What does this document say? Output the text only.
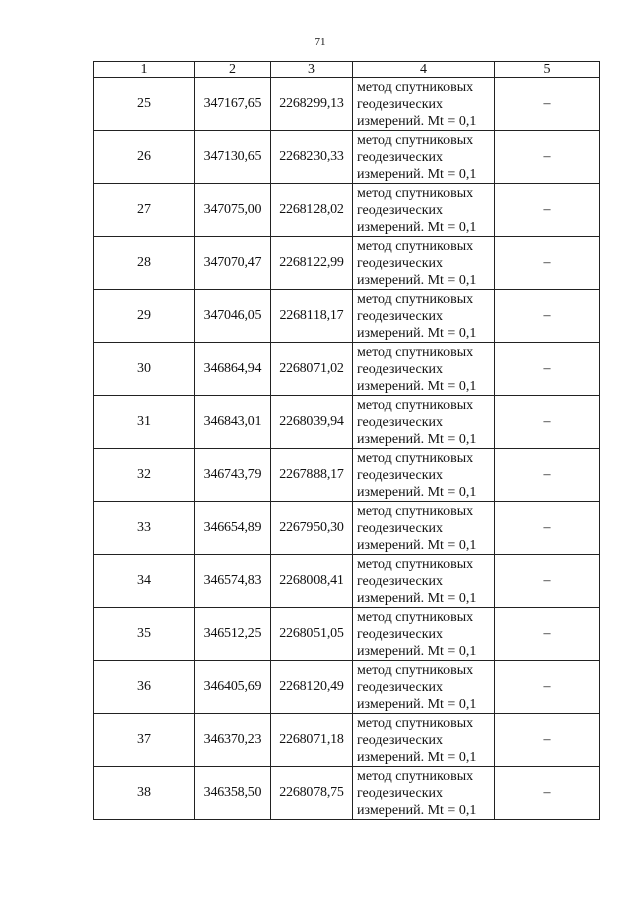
71
1	2	3	4	5
25	347167,65	2268299,13	метод спутниковых
геодезических
измерений. Mt = 0,1	–
26	347130,65	2268230,33	метод спутниковых
геодезических
измерений. Mt = 0,1	–
27	347075,00	2268128,02	метод спутниковых
геодезических
измерений. Mt = 0,1	–
28	347070,47	2268122,99	метод спутниковых
геодезических
измерений. Mt = 0,1	–
29	347046,05	2268118,17	метод спутниковых
геодезических
измерений. Mt = 0,1	–
30	346864,94	2268071,02	метод спутниковых
геодезических
измерений. Mt = 0,1	–
31	346843,01	2268039,94	метод спутниковых
геодезических
измерений. Mt = 0,1	–
32	346743,79	2267888,17	метод спутниковых
геодезических
измерений. Mt = 0,1	–
33	346654,89	2267950,30	метод спутниковых
геодезических
измерений. Mt = 0,1	–
34	346574,83	2268008,41	метод спутниковых
геодезических
измерений. Mt = 0,1	–
35	346512,25	2268051,05	метод спутниковых
геодезических
измерений. Mt = 0,1	–
36	346405,69	2268120,49	метод спутниковых
геодезических
измерений. Mt = 0,1	–
37	346370,23	2268071,18	метод спутниковых
геодезических
измерений. Mt = 0,1	–
38	346358,50	2268078,75	метод спутниковых
геодезических
измерений. Mt = 0,1	–
